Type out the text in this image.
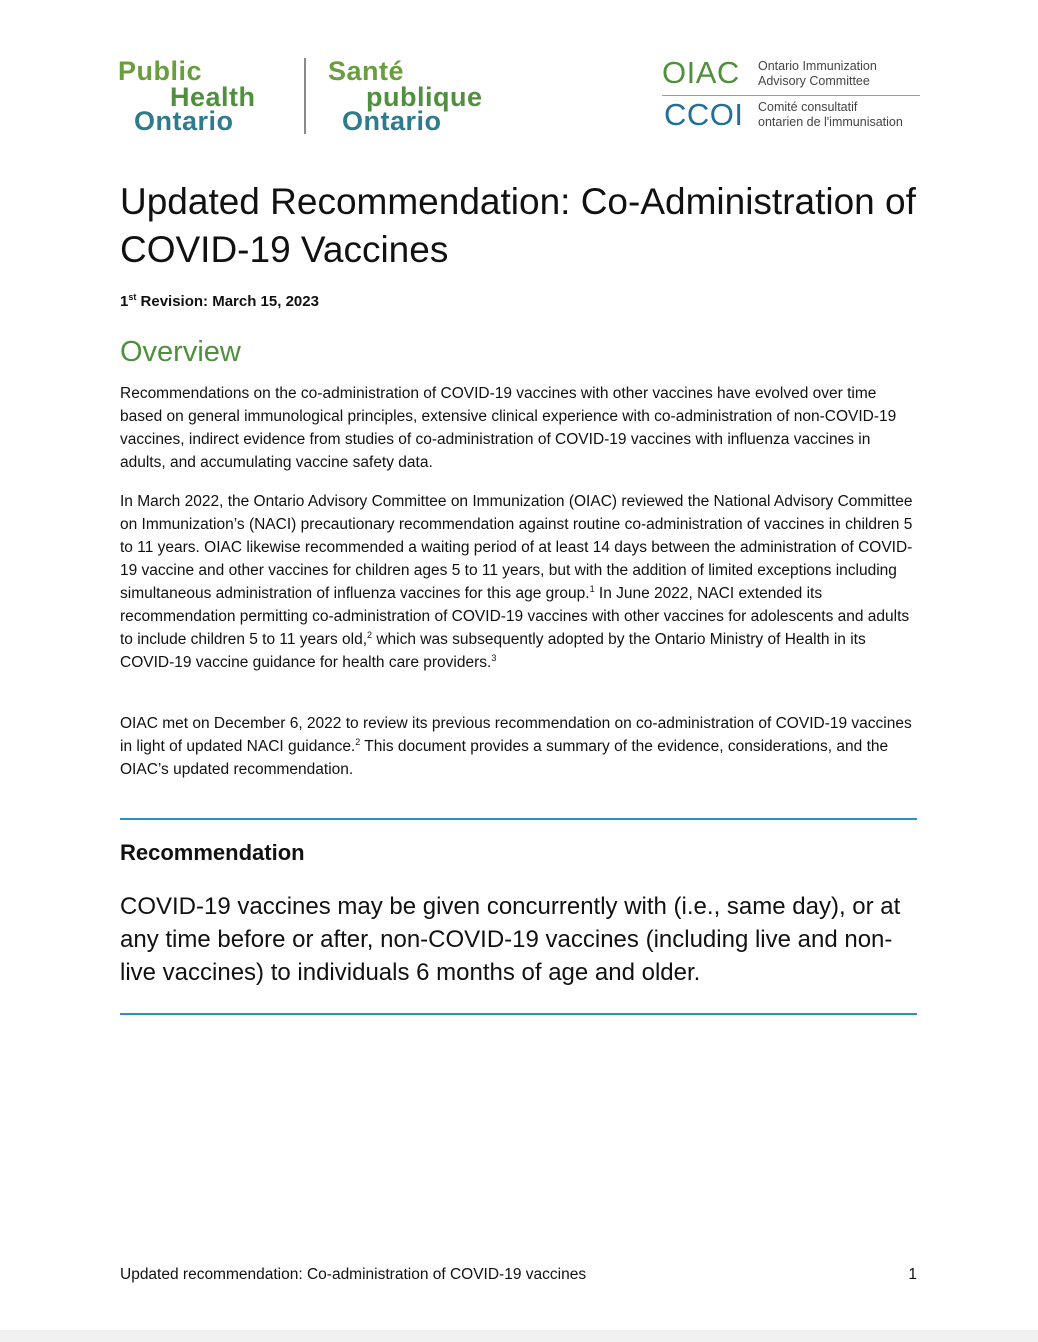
Public
Health
Ontario
Santé
publique
Ontario
OIAC Ontario Immunization
Advisory Committee
CCOI Comité consultatif
ontarien de l'immunisation
Updated Recommendation: Co-Administration of COVID-19 Vaccines
1st Revision: March 15, 2023
Overview

Recommendations on the co-administration of COVID-19 vaccines with other vaccines have evolved over time based on general immunological principles, extensive clinical experience with co-administration of non-COVID-19 vaccines, indirect evidence from studies of co-administration of COVID-19 vaccines with influenza vaccines in adults, and accumulating vaccine safety data.

In March 2022, the Ontario Advisory Committee on Immunization (OIAC) reviewed the National Advisory Committee on Immunization’s (NACI) precautionary recommendation against routine co-administration of vaccines in children 5 to 11 years. OIAC likewise recommended a waiting period of at least 14 days between the administration of COVID-19 vaccine and other vaccines for children ages 5 to 11 years, but with the addition of limited exceptions including simultaneous administration of influenza vaccines for this age group.$^1$ In June 2022, NACI extended its recommendation permitting co-administration of COVID-19 vaccines with other vaccines for adolescents and adults to include children 5 to 11 years old,$^2$ which was subsequently adopted by the Ontario Ministry of Health in its COVID-19 vaccine guidance for health care providers.$^3$

OIAC met on December 6, 2022 to review its previous recommendation on co-administration of COVID-19 vaccines in light of updated NACI guidance.$^2$ This document provides a summary of the evidence, considerations, and the OIAC’s updated recommendation.

Recommendation

COVID-19 vaccines may be given concurrently with (i.e., same day), or at any time before or after, non-COVID-19 vaccines (including live and non-live vaccines) to individuals 6 months of age and older.

Updated recommendation: Co-administration of COVID-19 vaccines	1
